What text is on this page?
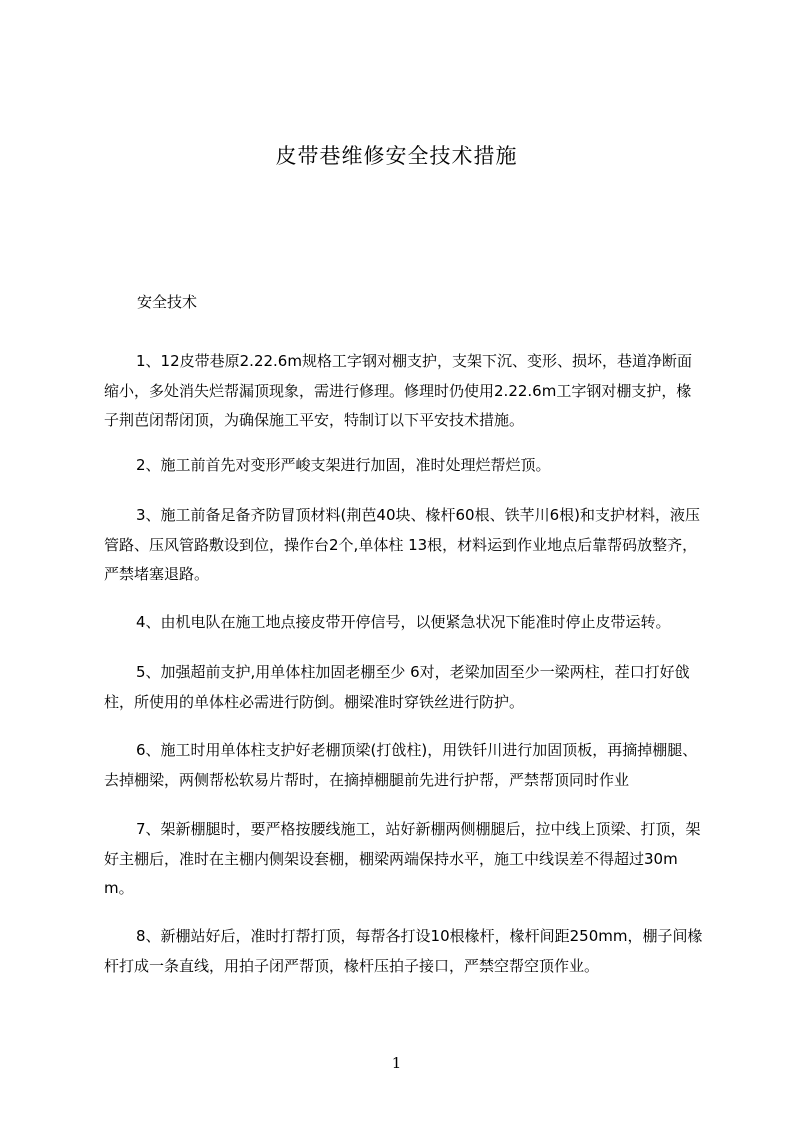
皮带巷维修安全技术措施
安全技术

1、12皮带巷原2.22.6m规格工字钢对棚支护，支架下沉、变形、损坏，巷道净断面缩小，多处消失烂帮漏顶现象，需进行修理。修理时仍使用2.22.6m工字钢对棚支护，椽子荆芭闭帮闭顶，为确保施工平安，特制订以下平安技术措施。

2、施工前首先对变形严峻支架进行加固，准时处理烂帮烂顶。

3、施工前备足备齐防冒顶材料(荆芭40块、椽杆60根、铁芊川6根)和支护材料，液压管路、压风管路敷设到位，操作台2个,单体柱 13根，材料运到作业地点后靠帮码放整齐，严禁堵塞退路。

4、由机电队在施工地点接皮带开停信号，以便紧急状况下能准时停止皮带运转。

5、加强超前支护,用单体柱加固老棚至少 6对，老梁加固至少一梁两柱，茬口打好戗柱，所使用的单体柱必需进行防倒。棚梁准时穿铁丝进行防护。

6、施工时用单体柱支护好老棚顶梁(打戗柱)，用铁钎川进行加固顶板，再摘掉棚腿、去掉棚梁，两侧帮松软易片帮时，在摘掉棚腿前先进行护帮，严禁帮顶同时作业

7、架新棚腿时，要严格按腰线施工，站好新棚两侧棚腿后，拉中线上顶梁、打顶，架好主棚后，准时在主棚内侧架设套棚，棚梁两端保持水平，施工中线误差不得超过30mm。

8、新棚站好后，准时打帮打顶，每帮各打设10根椽杆，椽杆间距250mm，棚子间椽杆打成一条直线，用拍子闭严帮顶，椽杆压拍子接口，严禁空帮空顶作业。

1
